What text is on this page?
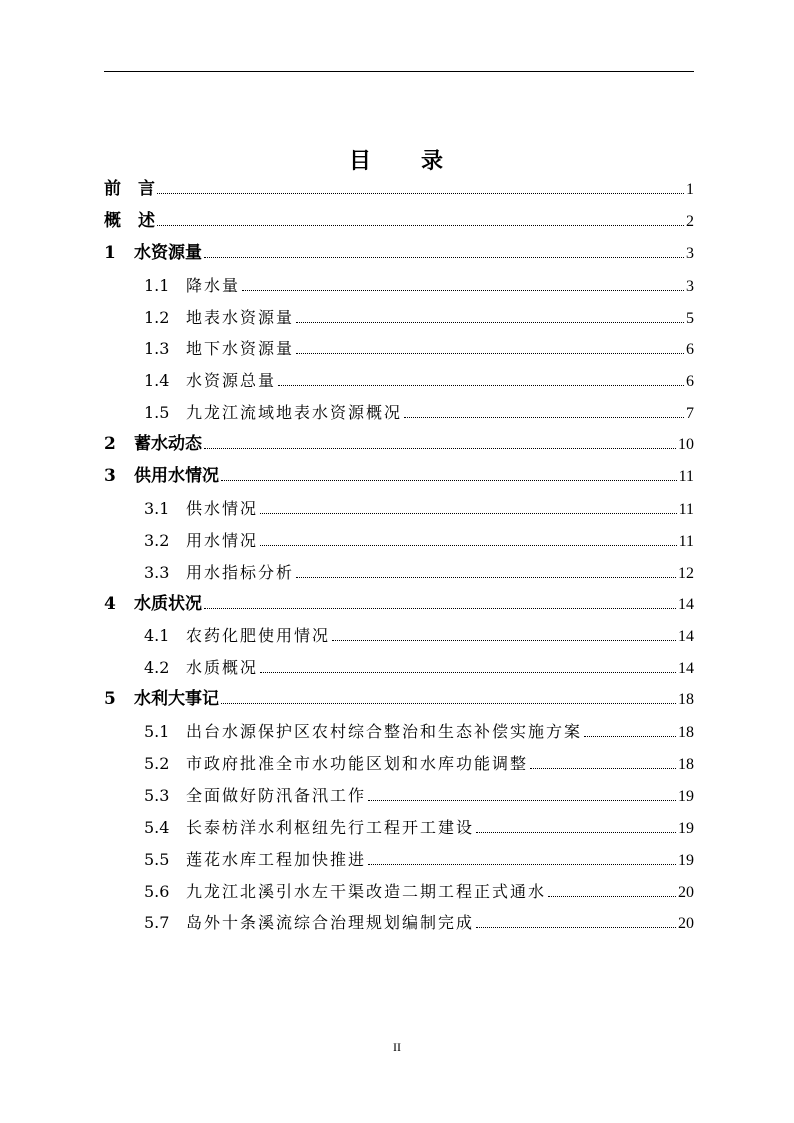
目　　录
前　言	1
概　述	2
1	水资源量	3
1.1	降水量	3
1.2	地表水资源量	5
1.3	地下水资源量	6
1.4	水资源总量	6
1.5	九龙江流域地表水资源概况	7
2	蓄水动态	10
3	供用水情况	11
3.1	供水情况	11
3.2	用水情况	11
3.3	用水指标分析	12
4	水质状况	14
4.1	农药化肥使用情况	14
4.2	水质概况	14
5	水利大事记	18
5.1	出台水源保护区农村综合整治和生态补偿实施方案	18
5.2	市政府批准全市水功能区划和水库功能调整	18
5.3	全面做好防汛备汛工作	19
5.4	长泰枋洋水利枢纽先行工程开工建设	19
5.5	莲花水库工程加快推进	19
5.6	九龙江北溪引水左干渠改造二期工程正式通水	20
5.7	岛外十条溪流综合治理规划编制完成	20
II
